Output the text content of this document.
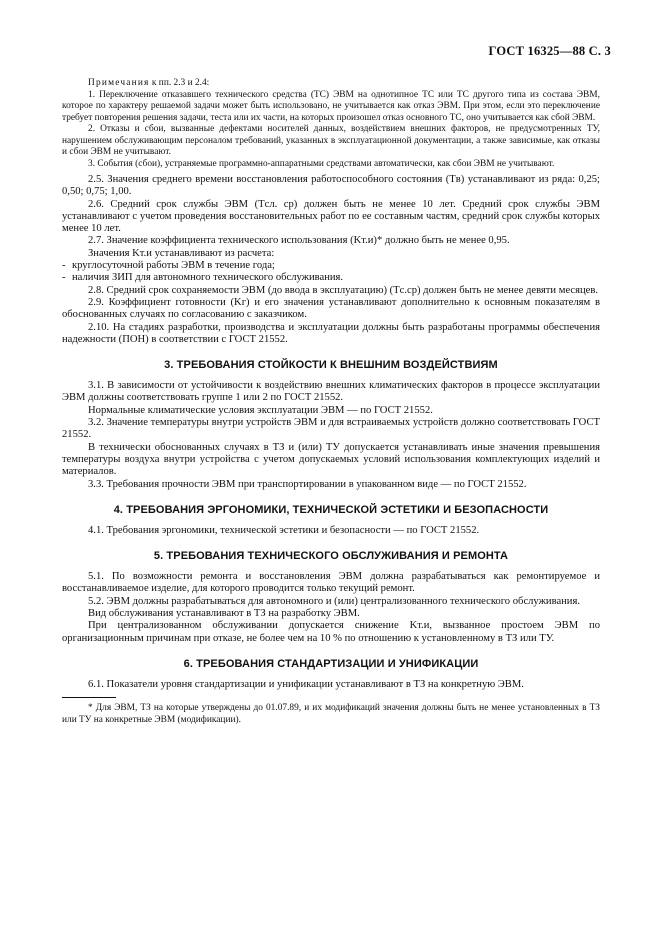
ГОСТ 16325—88 С. 3

Примечания к пп. 2.3 и 2.4:

1. Переключение отказавшего технического средства (ТС) ЭВМ на однотипное ТС или ТС другого типа из состава ЭВМ, которое по характеру решаемой задачи может быть использовано, не учитывается как отказ ЭВМ. При этом, если это переключение требует повторения решения задачи, теста или их части, на которых произошел отказ основного ТС, оно учитывается как сбой ЭВМ.

2. Отказы и сбои, вызванные дефектами носителей данных, воздействием внешних факторов, не предусмотренных ТУ, нарушением обслуживающим персоналом требований, указанных в эксплуатационной документации, а также зависимые, как отказы и сбои ЭВМ не учитывают.

3. События (сбои), устраняемые программно-аппаратными средствами автоматически, как сбои ЭВМ не учитывают.

2.5. Значения среднего времени восстановления работоспособного состояния (Tв) устанавливают из ряда: 0,25; 0,50; 0,75; 1,00.

2.6. Средний срок службы ЭВМ (Tсл. ср) должен быть не менее 10 лет. Средний срок службы ЭВМ устанавливают с учетом проведения восстановительных работ по ее составным частям, средний срок службы которых менее 10 лет.

2.7. Значение коэффициента технического использования (Kт.и)* должно быть не менее 0,95.

Значения Kт.и устанавливают из расчета:

- круглосуточной работы ЭВМ в течение года;

- наличия ЗИП для автономного технического обслуживания.

2.8. Средний срок сохраняемости ЭВМ (до ввода в эксплуатацию) (Tс.ср) должен быть не менее девяти месяцев.

2.9. Коэффициент готовности (Kг) и его значения устанавливают дополнительно к основным показателям в обоснованных случаях по согласованию с заказчиком.

2.10. На стадиях разработки, производства и эксплуатации должны быть разработаны программы обеспечения надежности (ПОН) в соответствии с ГОСТ 21552.

3. ТРЕБОВАНИЯ СТОЙКОСТИ К ВНЕШНИМ ВОЗДЕЙСТВИЯМ

3.1. В зависимости от устойчивости к воздействию внешних климатических факторов в процессе эксплуатации ЭВМ должны соответствовать группе 1 или 2 по ГОСТ 21552.

Нормальные климатические условия эксплуатации ЭВМ — по ГОСТ 21552.

3.2. Значение температуры внутри устройств ЭВМ и для встраиваемых устройств должно соответствовать ГОСТ 21552.

В технически обоснованных случаях в ТЗ и (или) ТУ допускается устанавливать иные значения превышения температуры воздуха внутри устройства с учетом допускаемых условий использования комплектующих изделий и материалов.

3.3. Требования прочности ЭВМ при транспортировании в упакованном виде — по ГОСТ 21552.

4. ТРЕБОВАНИЯ ЭРГОНОМИКИ, ТЕХНИЧЕСКОЙ ЭСТЕТИКИ И БЕЗОПАСНОСТИ

4.1. Требования эргономики, технической эстетики и безопасности — по ГОСТ 21552.

5. ТРЕБОВАНИЯ ТЕХНИЧЕСКОГО ОБСЛУЖИВАНИЯ И РЕМОНТА

5.1. По возможности ремонта и восстановления ЭВМ должна разрабатываться как ремонтируемое и восстанавливаемое изделие, для которого проводится только текущий ремонт.

5.2. ЭВМ должны разрабатываться для автономного и (или) централизованного технического обслуживания.

Вид обслуживания устанавливают в ТЗ на разработку ЭВМ.

При централизованном обслуживании допускается снижение Kт.и, вызванное простоем ЭВМ по организационным причинам при отказе, не более чем на 10 % по отношению к установленному в ТЗ или ТУ.

6. ТРЕБОВАНИЯ СТАНДАРТИЗАЦИИ И УНИФИКАЦИИ

6.1. Показатели уровня стандартизации и унификации устанавливают в ТЗ на конкретную ЭВМ.

* Для ЭВМ, ТЗ на которые утверждены до 01.07.89, и их модификаций значения должны быть не менее установленных в ТЗ или ТУ на конкретные ЭВМ (модификации).
